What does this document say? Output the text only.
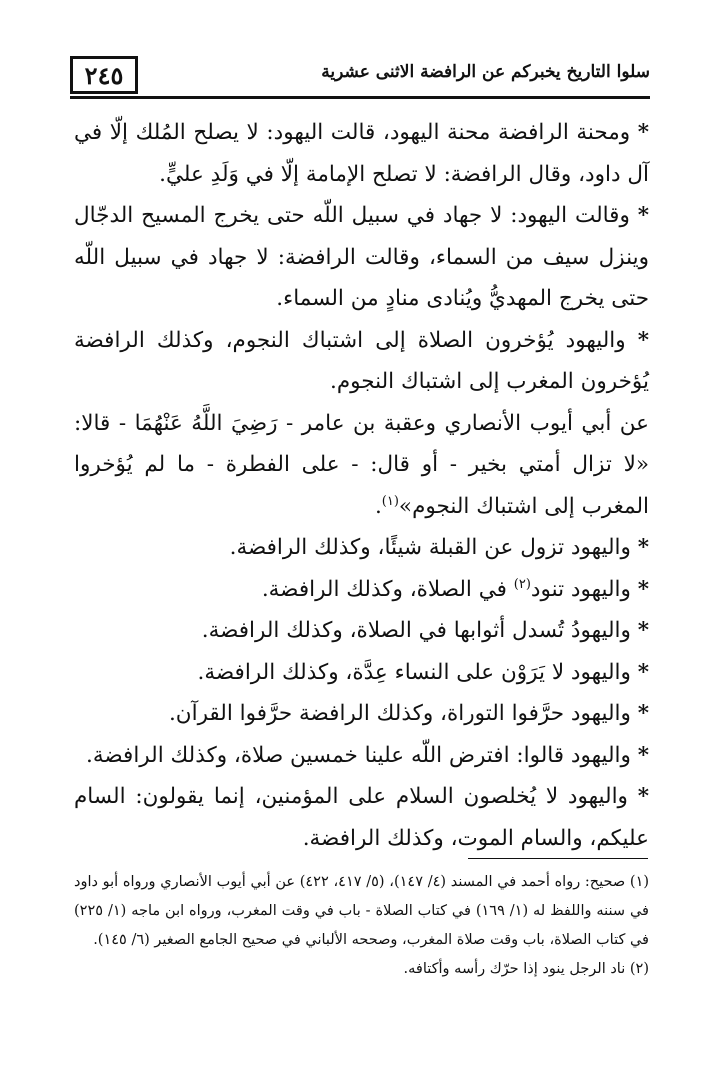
٢٤٥	سلوا التاريخ يخبركم عن الرافضة الاثنى عشرية

* ومحنة الرافضة محنة اليهود، قالت اليهود: لا يصلح المُلك إلّا في آل داود، وقال الرافضة: لا تصلح الإمامة إلّا في وَلَدِ عليٍّ.

* وقالت اليهود: لا جهاد في سبيل اللّه حتى يخرج المسيح الدجّال وينزل سيف من السماء، وقالت الرافضة: لا جهاد في سبيل اللّه حتى يخرج المهديُّ ويُنادى منادٍ من السماء.

* واليهود يُؤخرون الصلاة إلى اشتباك النجوم، وكذلك الرافضة يُؤخرون المغرب إلى اشتباك النجوم.

عن أبي أيوب الأنصاري وعقبة بن عامر - رَضِيَ اللَّهُ عَنْهُمَا - قالا: «لا تزال أمتي بخير - أو قال: - على الفطرة - ما لم يُؤخروا المغرب إلى اشتباك النجوم»$^{(١)}$.

* واليهود تزول عن القبلة شيئًا، وكذلك الرافضة.

* واليهود تنود$^{(٢)}$ في الصلاة، وكذلك الرافضة.

* واليهودُ تُسدل أثوابها في الصلاة، وكذلك الرافضة.

* واليهود لا يَرَوْن على النساء عِدَّة، وكذلك الرافضة.

* واليهود حرَّفوا التوراة، وكذلك الرافضة حرَّفوا القرآن.

* واليهود قالوا: افترض اللّه علينا خمسين صلاة، وكذلك الرافضة.

* واليهود لا يُخلصون السلام على المؤمنين، إنما يقولون: السام عليكم، والسام الموت، وكذلك الرافضة.

(١) صحيح: رواه أحمد في المسند (٤/ ١٤٧)، (٥/ ٤١٧، ٤٢٢) عن أبي أيوب الأنصاري ورواه أبو داود في سننه واللفظ له (١/ ١٦٩) في كتاب الصلاة - باب في وقت المغرب، ورواه ابن ماجه (١/ ٢٢٥) في كتاب الصلاة، باب وقت صلاة المغرب، وصححه الألباني في صحيح الجامع الصغير (٦/ ١٤٥).

(٢) ناد الرجل ينود إذا حرّك رأسه وأكتافه.
